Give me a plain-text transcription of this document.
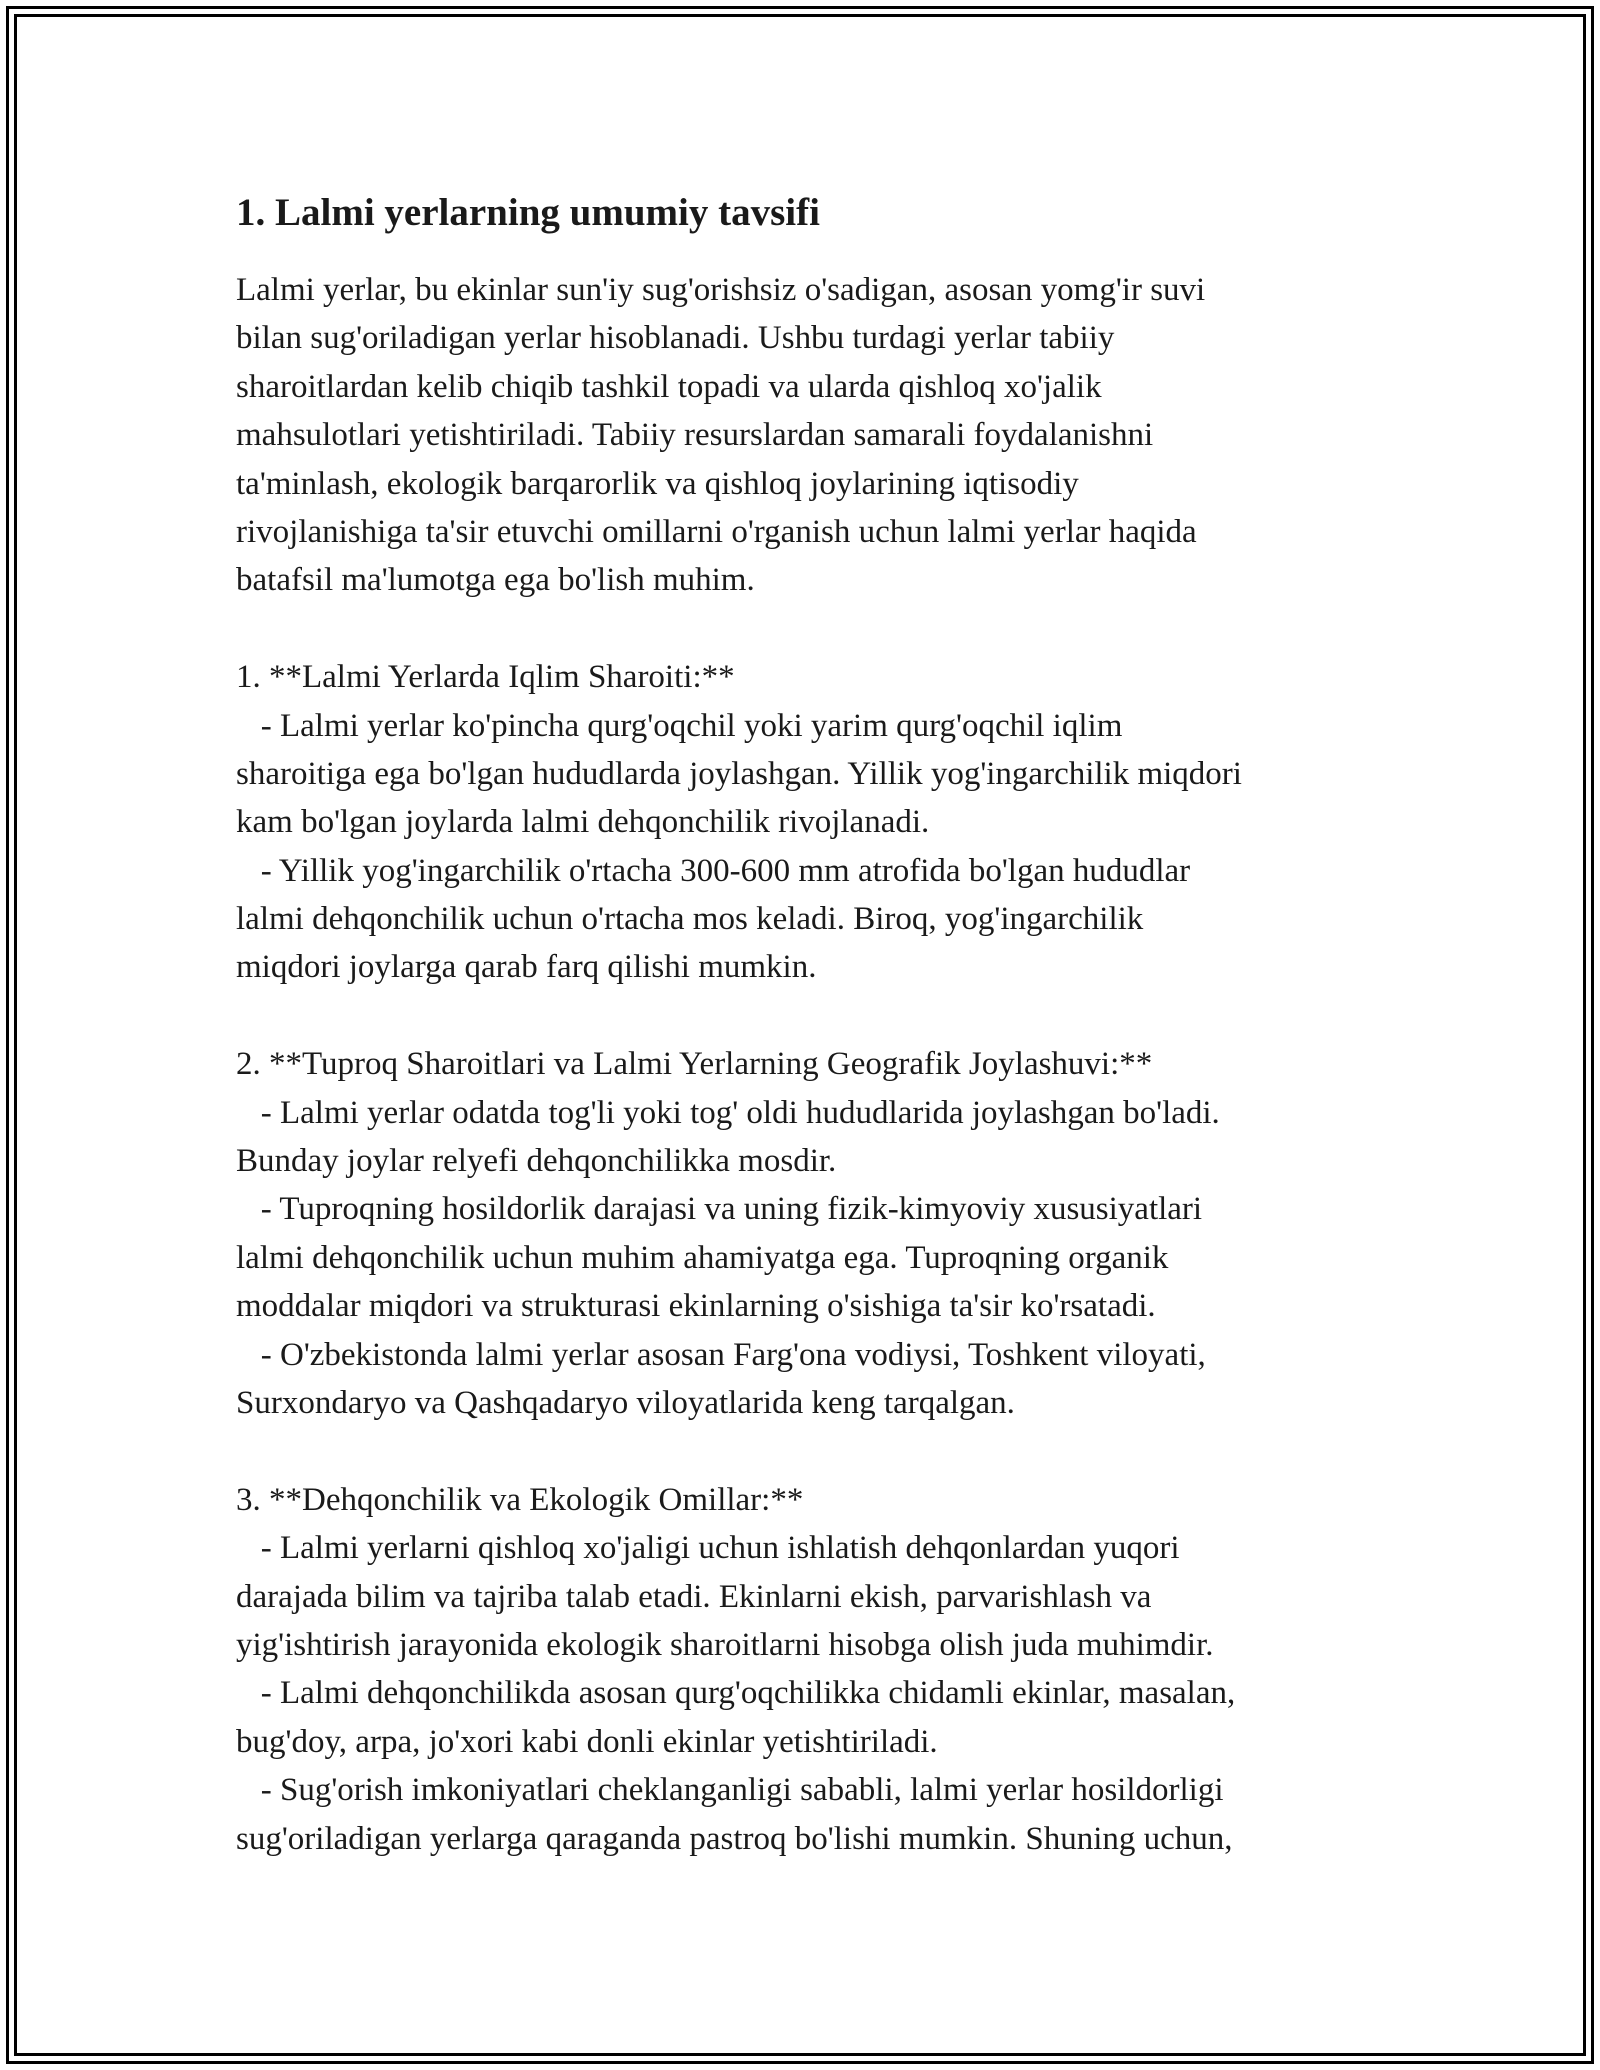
1. Lalmi yerlarning umumiy tavsifi
Lalmi yerlar, bu ekinlar sun'iy sug'orishsiz o'sadigan, asosan yomg'ir suvi
bilan sug'oriladigan yerlar hisoblanadi. Ushbu turdagi yerlar tabiiy
sharoitlardan kelib chiqib tashkil topadi va ularda qishloq xo'jalik
mahsulotlari yetishtiriladi. Tabiiy resurslardan samarali foydalanishni
ta'minlash, ekologik barqarorlik va qishloq joylarining iqtisodiy
rivojlanishiga ta'sir etuvchi omillarni o'rganish uchun lalmi yerlar haqida
batafsil ma'lumotga ega bo'lish muhim.
1. **Lalmi Yerlarda Iqlim Sharoiti:**
- Lalmi yerlar ko'pincha qurg'oqchil yoki yarim qurg'oqchil iqlim
sharoitiga ega bo'lgan hududlarda joylashgan. Yillik yog'ingarchilik miqdori
kam bo'lgan joylarda lalmi dehqonchilik rivojlanadi.
- Yillik yog'ingarchilik o'rtacha 300-600 mm atrofida bo'lgan hududlar
lalmi dehqonchilik uchun o'rtacha mos keladi. Biroq, yog'ingarchilik
miqdori joylarga qarab farq qilishi mumkin.
2. **Tuproq Sharoitlari va Lalmi Yerlarning Geografik Joylashuvi:**
- Lalmi yerlar odatda tog'li yoki tog' oldi hududlarida joylashgan bo'ladi.
Bunday joylar relyefi dehqonchilikka mosdir.
- Tuproqning hosildorlik darajasi va uning fizik-kimyoviy xususiyatlari
lalmi dehqonchilik uchun muhim ahamiyatga ega. Tuproqning organik
moddalar miqdori va strukturasi ekinlarning o'sishiga ta'sir ko'rsatadi.
- O'zbekistonda lalmi yerlar asosan Farg'ona vodiysi, Toshkent viloyati,
Surxondaryo va Qashqadaryo viloyatlarida keng tarqalgan.
3. **Dehqonchilik va Ekologik Omillar:**
- Lalmi yerlarni qishloq xo'jaligi uchun ishlatish dehqonlardan yuqori
darajada bilim va tajriba talab etadi. Ekinlarni ekish, parvarishlash va
yig'ishtirish jarayonida ekologik sharoitlarni hisobga olish juda muhimdir.
- Lalmi dehqonchilikda asosan qurg'oqchilikka chidamli ekinlar, masalan,
bug'doy, arpa, jo'xori kabi donli ekinlar yetishtiriladi.
- Sug'orish imkoniyatlari cheklanganligi sababli, lalmi yerlar hosildorligi
sug'oriladigan yerlarga qaraganda pastroq bo'lishi mumkin. Shuning uchun,
